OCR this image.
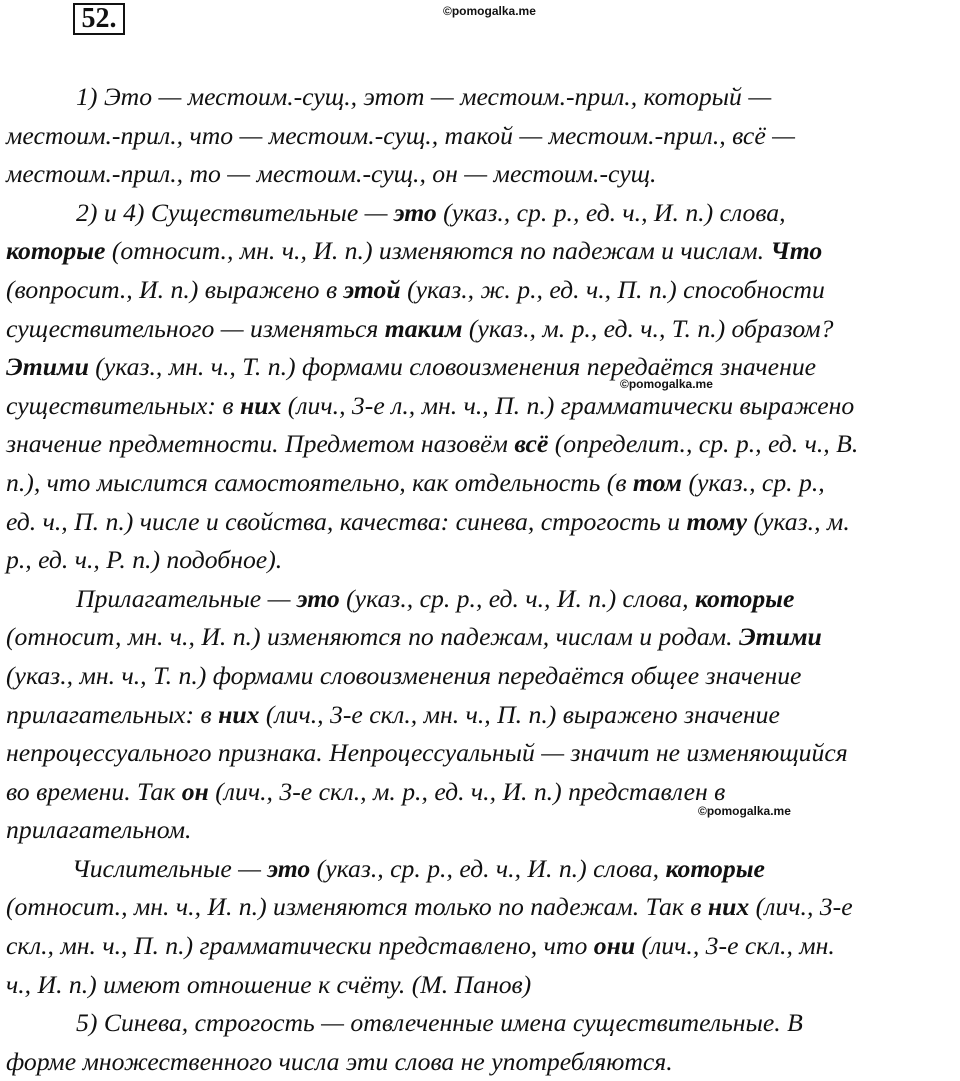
52.	©pomogalka.me
©pomogalka.me
©pomogalka.me
1) Это — местоим.-сущ., этот — местоим.-прил., который —
местоим.-прил., что — местоим.-сущ., такой — местоим.-прил., всё —
местоим.-прил., то — местоим.-сущ., он — местоим.-сущ.
2) и 4) Существительные — это (указ., ср. р., ед. ч., И. п.) слова,
которые (относит., мн. ч., И. п.) изменяются по падежам и числам. Что
(вопросит., И. п.) выражено в этой (указ., ж. р., ед. ч., П. п.) способности
существительного — изменяться таким (указ., м. р., ед. ч., Т. п.) образом?
Этими (указ., мн. ч., Т. п.) формами словоизменения передаётся значение
существительных: в них (лич., 3-е л., мн. ч., П. п.) грамматически выражено
значение предметности. Предметом назовём всё (определит., ср. р., ед. ч., В.
п.), что мыслится самостоятельно, как отдельность (в том (указ., ср. р.,
ед. ч., П. п.) числе и свойства, качества: синева, строгость и тому (указ., м.
р., ед. ч., Р. п.) подобное).
Прилагательные — это (указ., ср. р., ед. ч., И. п.) слова, которые
(относит, мн. ч., И. п.) изменяются по падежам, числам и родам. Этими
(указ., мн. ч., Т. п.) формами словоизменения передаётся общее значение
прилагательных: в них (лич., 3-е скл., мн. ч., П. п.) выражено значение
непроцессуального признака. Непроцессуальный — значит не изменяющийся
во времени. Так он (лич., 3-е скл., м. р., ед. ч., И. п.) представлен в
прилагательном.
Числительные — это (указ., ср. р., ед. ч., И. п.) слова, которые
(относит., мн. ч., И. п.) изменяются только по падежам. Так в них (лич., 3-е
скл., мн. ч., П. п.) грамматически представлено, что они (лич., 3-е скл., мн.
ч., И. п.) имеют отношение к счёту. (М. Панов)
5) Синева, строгость — отвлеченные имена существительные. В
форме множественного числа эти слова не употребляются.
